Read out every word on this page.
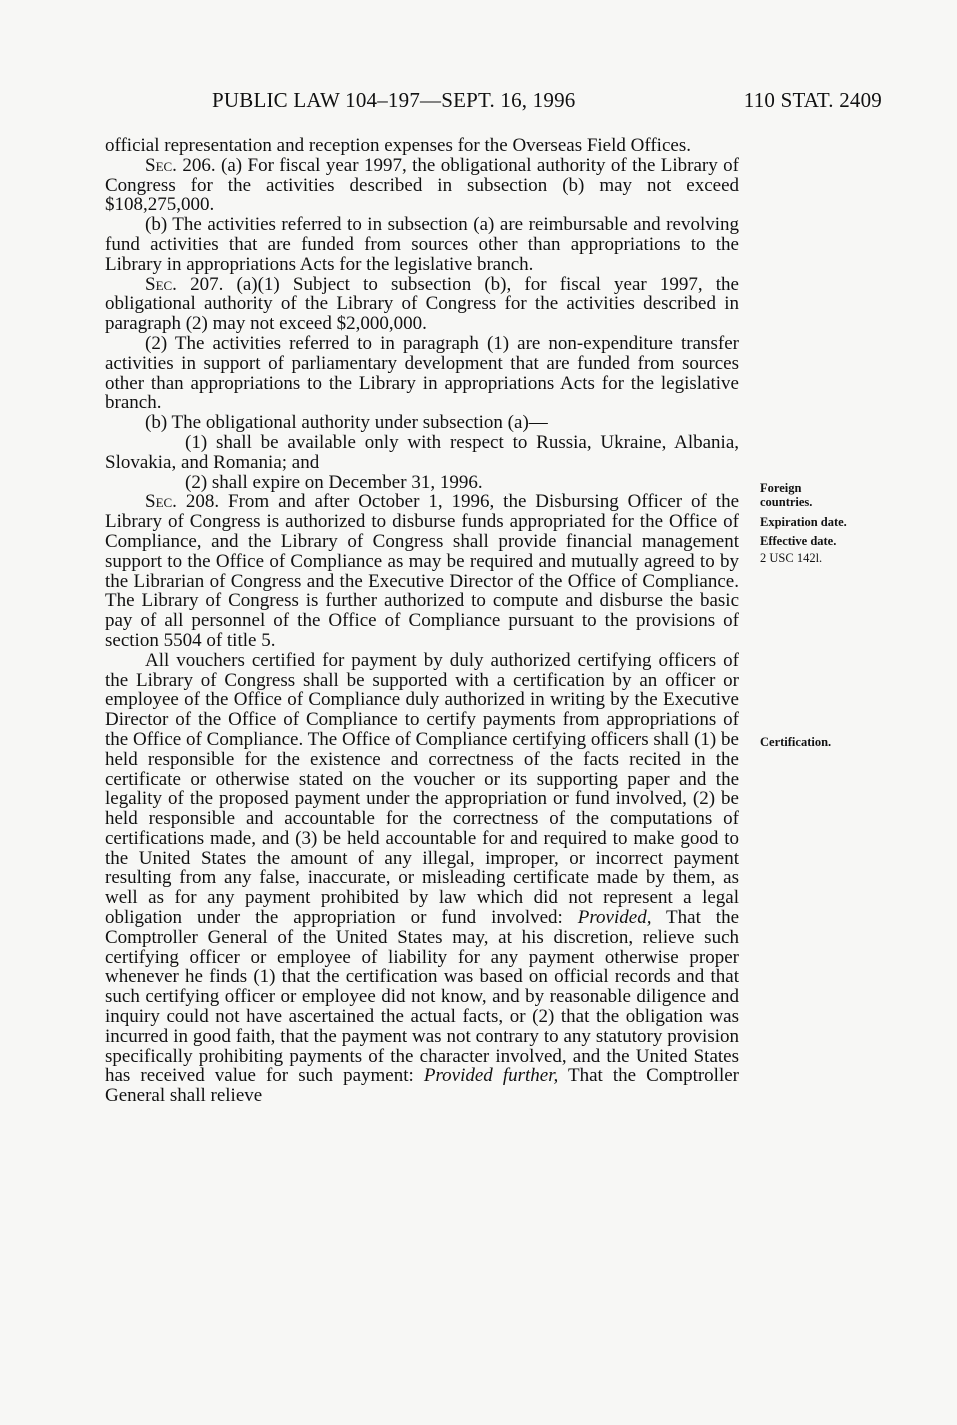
PUBLIC LAW 104–197—SEPT. 16, 1996	110 STAT. 2409

official representation and reception expenses for the Overseas Field Offices.

Sec. 206. (a) For fiscal year 1997, the obligational authority of the Library of Congress for the activities described in subsection (b) may not exceed $108,275,000.

(b) The activities referred to in subsection (a) are reimbursable and revolving fund activities that are funded from sources other than appropriations to the Library in appropriations Acts for the legislative branch.

Sec. 207. (a)(1) Subject to subsection (b), for fiscal year 1997, the obligational authority of the Library of Congress for the activities described in paragraph (2) may not exceed $2,000,000.

(2) The activities referred to in paragraph (1) are non-expenditure transfer activities in support of parliamentary development that are funded from sources other than appropriations to the Library in appropriations Acts for the legislative branch.

(b) The obligational authority under subsection (a)—

(1) shall be available only with respect to Russia, Ukraine, Albania, Slovakia, and Romania; and

(2) shall expire on December 31, 1996.

Sec. 208. From and after October 1, 1996, the Disbursing Officer of the Library of Congress is authorized to disburse funds appropriated for the Office of Compliance, and the Library of Congress shall provide financial management support to the Office of Compliance as may be required and mutually agreed to by the Librarian of Congress and the Executive Director of the Office of Compliance. The Library of Congress is further authorized to compute and disburse the basic pay of all personnel of the Office of Compliance pursuant to the provisions of section 5504 of title 5.

All vouchers certified for payment by duly authorized certifying officers of the Library of Congress shall be supported with a certification by an officer or employee of the Office of Compliance duly authorized in writing by the Executive Director of the Office of Compliance to certify payments from appropriations of the Office of Compliance. The Office of Compliance certifying officers shall (1) be held responsible for the existence and correctness of the facts recited in the certificate or otherwise stated on the voucher or its supporting paper and the legality of the proposed payment under the appropriation or fund involved, (2) be held responsible and accountable for the correctness of the computations of certifications made, and (3) be held accountable for and required to make good to the United States the amount of any illegal, improper, or incorrect payment resulting from any false, inaccurate, or misleading certificate made by them, as well as for any payment prohibited by law which did not represent a legal obligation under the appropriation or fund involved: Provided, That the Comptroller General of the United States may, at his discretion, relieve such certifying officer or employee of liability for any payment otherwise proper whenever he finds (1) that the certification was based on official records and that such certifying officer or employee did not know, and by reasonable diligence and inquiry could not have ascertained the actual facts, or (2) that the obligation was incurred in good faith, that the payment was not contrary to any statutory provision specifically prohibiting payments of the character involved, and the United States has received value for such payment: Provided further, That the Comptroller General shall relieve

Foreign
countries.
Expiration date.
Effective date.
2 USC 142l.
Certification.
